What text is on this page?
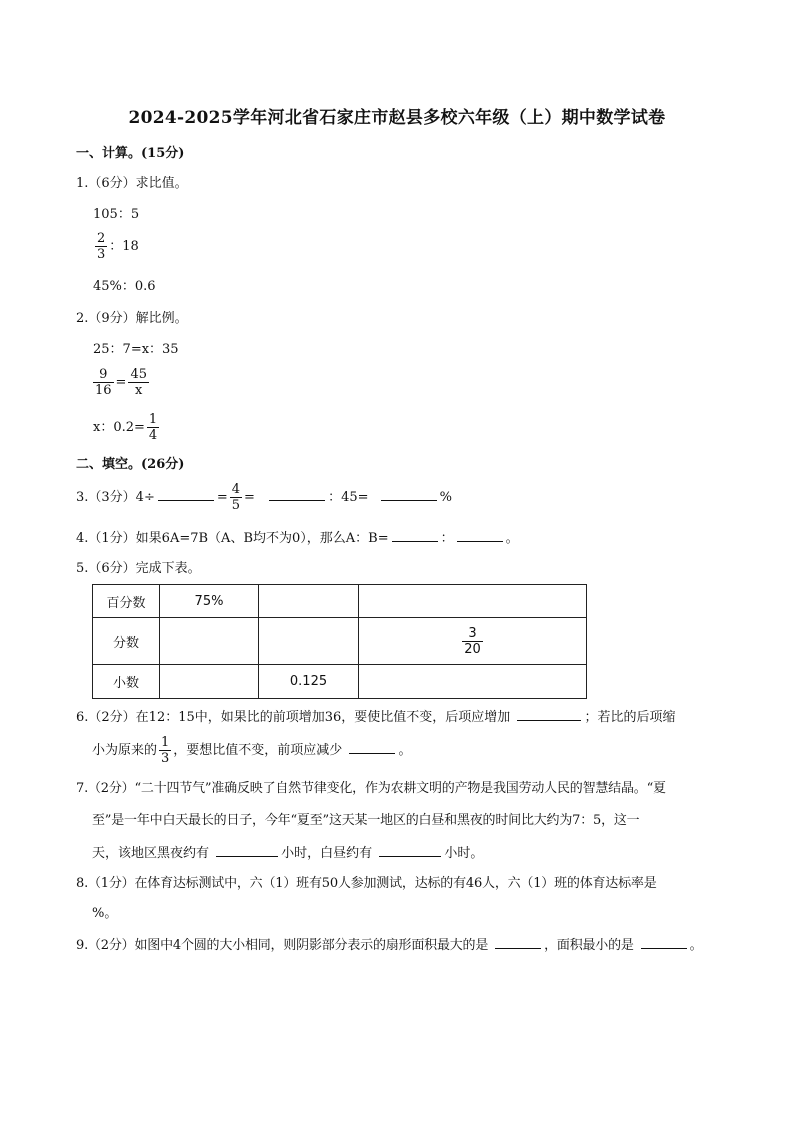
2024-2025学年河北省石家庄市赵县多校六年级（上）期中数学试卷
一、计算。(15分)
1.（6分）求比值。
105：5
$\frac{2}{3}$ ：18
45%：0.6
2.（9分）解比例。
25：7=x：35
$\frac{9}{16} = \frac{45}{x}$
x：$0.2= \frac{1}{4}$
二、填空。(26分)
3.（3分）4÷	= $\frac{4}{5}$ =	：45=	%
4.（1分）如果6A=7B（A、B均不为0），那么A：B=	：	。
5.（6分）完成下表。
百分数	75%		
分数			$\frac{3}{20}$

小数		0.125	
6.（2分）在12：15中，如果比的前项增加36，要使比值不变，后项应增加	；若比的后项缩
小为原来的 $\frac{1}{3}$ ，要想比值不变，前项应减少	。
7.（2分）“二十四节气”准确反映了自然节律变化，作为农耕文明的产物是我国劳动人民的智慧结晶。“夏
至”是一年中白天最长的日子，今年“夏至”这天某一地区的白昼和黑夜的时间比大约为7：5，这一
天，该地区黑夜约有	小时，白昼约有	小时。
8.（1分）在体育达标测试中，六（1）班有50人参加测试，达标的有46人，六（1）班的体育达标率是
%。
9.（2分）如图中4个圆的大小相同，则阴影部分表示的扇形面积最大的是	，面积最小的是	。
